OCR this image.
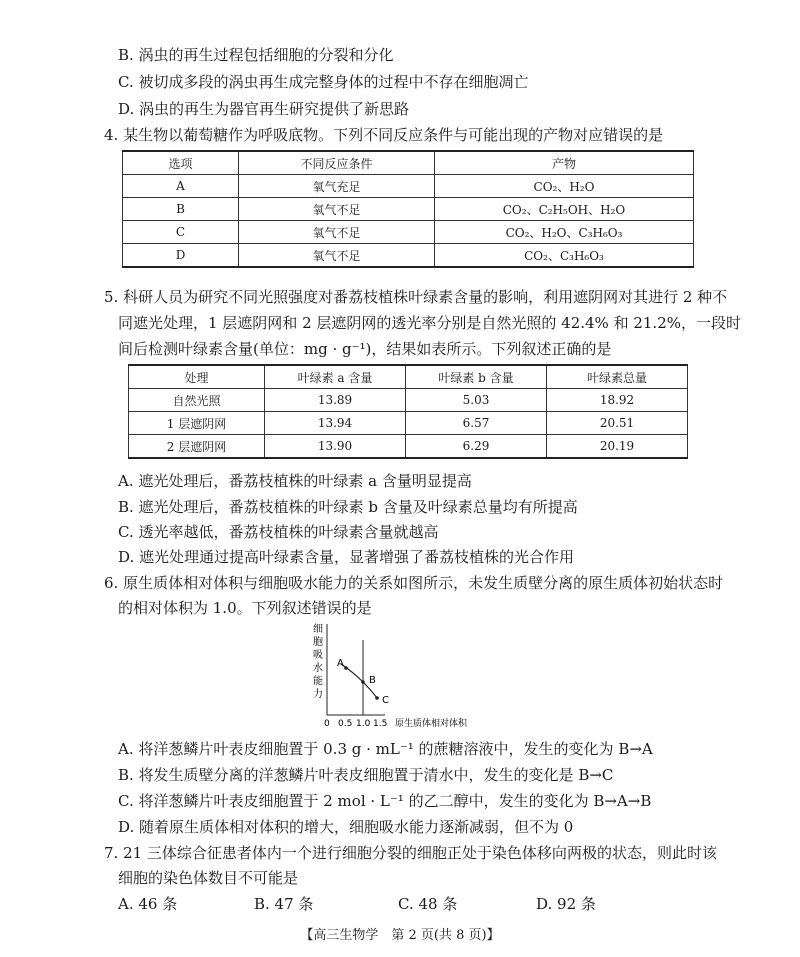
B. 涡虫的再生过程包括细胞的分裂和分化
C. 被切成多段的涡虫再生成完整身体的过程中不存在细胞凋亡
D. 涡虫的再生为器官再生研究提供了新思路
4. 某生物以葡萄糖作为呼吸底物。下列不同反应条件与可能出现的产物对应错误的是
选项	不同反应条件	产物
A	氧气充足	CO₂、H₂O
B	氧气不足	CO₂、C₂H₅OH、H₂O
C	氧气不足	CO₂、H₂O、C₃H₆O₃
D	氧气不足	CO₂、C₃H₆O₃
5. 科研人员为研究不同光照强度对番荔枝植株叶绿素含量的影响，利用遮阴网对其进行 2 种不
同遮光处理，1 层遮阴网和 2 层遮阴网的透光率分别是自然光照的 42.4% 和 21.2%，一段时
间后检测叶绿素含量(单位：mg · g⁻¹)，结果如表所示。下列叙述正确的是
处理	叶绿素 a 含量	叶绿素 b 含量	叶绿素总量
自然光照	13.89	5.03	18.92
1 层遮阴网	13.94	6.57	20.51
2 层遮阴网	13.90	6.29	20.19
A. 遮光处理后，番荔枝植株的叶绿素 a 含量明显提高
B. 遮光处理后，番荔枝植株的叶绿素 b 含量及叶绿素总量均有所提高
C. 透光率越低，番荔枝植株的叶绿素含量就越高
D. 遮光处理通过提高叶绿素含量，显著增强了番荔枝植株的光合作用
6. 原生质体相对体积与细胞吸水能力的关系如图所示，未发生质壁分离的原生质体初始状态时
的相对体积为 1.0。下列叙述错误的是
细
胞
吸
水
能
力
A
B
C
0 0.5 1.0 1.5 原生质体相对体积
A. 将洋葱鳞片叶表皮细胞置于 0.3 g · mL⁻¹ 的蔗糖溶液中，发生的变化为 B→A
B. 将发生质壁分离的洋葱鳞片叶表皮细胞置于清水中，发生的变化是 B→C
C. 将洋葱鳞片叶表皮细胞置于 2 mol · L⁻¹ 的乙二醇中，发生的变化为 B→A→B
D. 随着原生质体相对体积的增大，细胞吸水能力逐渐减弱，但不为 0
7. 21 三体综合征患者体内一个进行细胞分裂的细胞正处于染色体移向两极的状态，则此时该
细胞的染色体数目不可能是
A. 46 条	B. 47 条	C. 48 条	D. 92 条
【高三生物学　第 2 页(共 8 页)】
